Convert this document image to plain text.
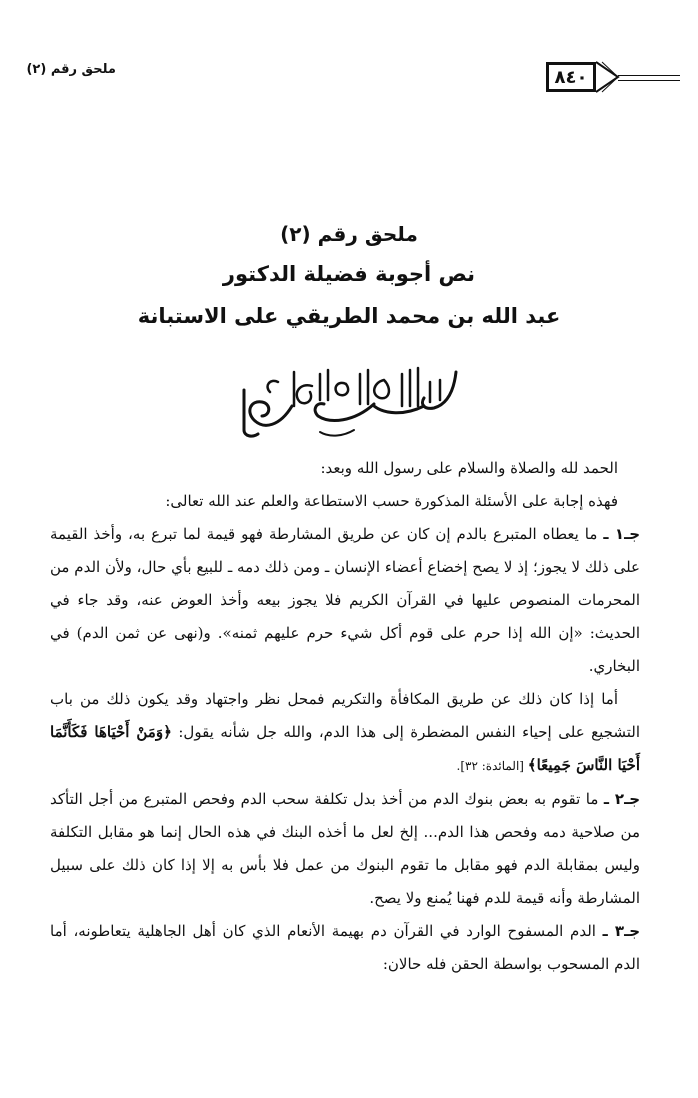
ملحق رقم (٢)	٨٤٠
ملحق رقم (٢)
نص أجوبة فضيلة الدكتور
عبد الله بن محمد الطريقي على الاستبانة

الحمد لله والصلاة والسلام على رسول الله وبعد:

فهذه إجابة على الأسئلة المذكورة حسب الاستطاعة والعلم عند الله تعالى:

جـ١ ـ ما يعطاه المتبرع بالدم إن كان عن طريق المشارطة فهو قيمة لما تبرع به، وأخذ القيمة على ذلك لا يجوز؛ إذ لا يصح إخضاع أعضاء الإنسان ـ ومن ذلك دمه ـ للبيع بأي حال، ولأن الدم من المحرمات المنصوص عليها في القرآن الكريم فلا يجوز بيعه وأخذ العوض عنه، وقد جاء في الحديث: «إن الله إذا حرم على قوم أكل شيء حرم عليهم ثمنه». و(نهى عن ثمن الدم) في البخاري.

أما إذا كان ذلك عن طريق المكافأة والتكريم فمحل نظر واجتهاد وقد يكون ذلك من باب التشجيع على إحياء النفس المضطرة إلى هذا الدم، والله جل شأنه يقول: ﴿وَمَنْ أَحْيَاهَا فَكَأَنَّمَا أَحْيَا النَّاسَ جَمِيعًا﴾ [المائدة: ٣٢].

جـ٢ ـ ما تقوم به بعض بنوك الدم من أخذ بدل تكلفة سحب الدم وفحص المتبرع من أجل التأكد من صلاحية دمه وفحص هذا الدم... إلخ لعل ما أخذه البنك في هذه الحال إنما هو مقابل التكلفة وليس بمقابلة الدم فهو مقابل ما تقوم البنوك من عمل فلا بأس به إلا إذا كان ذلك على سبيل المشارطة وأنه قيمة للدم فهنا يُمنع ولا يصح.

جـ٣ ـ الدم المسفوح الوارد في القرآن دم بهيمة الأنعام الذي كان أهل الجاهلية يتعاطونه، أما الدم المسحوب بواسطة الحقن فله حالان:
